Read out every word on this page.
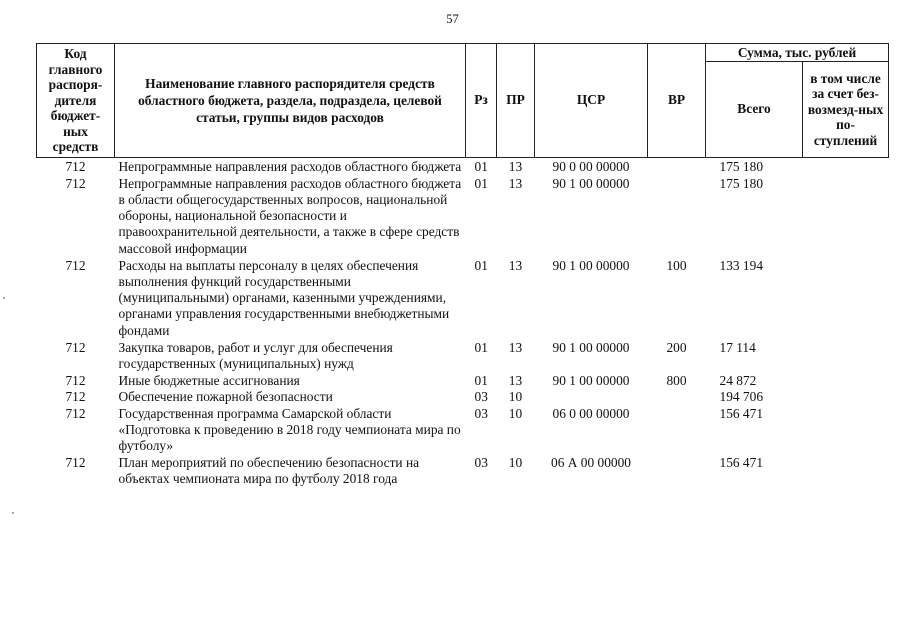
57
Код главного распоря-дителя бюджет-ных средств	Наименование главного распорядителя средств областного бюджета, раздела, подраздела, целевой статьи, группы видов расходов	Рз	ПР	ЦСР	ВР	Сумма, тыс. рублей	
						Всего	в том числе за счет без-возмезд-ных по-ступлений
712	Непрограммные направления расходов областного бюджета	01	13	90 0 00 00000		175 180	
712	Непрограммные направления расходов областного бюджета в области общегосударственных вопросов, национальной обороны, национальной безопасности и правоохранительной деятельности, а также в сфере средств массовой информации	01	13	90 1 00 00000		175 180	
712	Расходы на выплаты персоналу в целях обеспечения выполнения функций государственными (муниципальными) органами, казенными учреждениями, органами управления государственными внебюджетными фондами	01	13	90 1 00 00000	100	133 194	
712	Закупка товаров, работ и услуг для обеспечения государственных (муниципальных) нужд	01	13	90 1 00 00000	200	17 114	
712	Иные бюджетные ассигнования	01	13	90 1 00 00000	800	24 872	
712	Обеспечение пожарной безопасности	03	10			194 706	
712	Государственная программа Самарской области «Подготовка к проведению в 2018 году чемпионата мира по футболу»	03	10	06 0 00 00000		156 471	
712	План мероприятий по обеспечению безопасности на объектах чемпионата мира по футболу 2018 года	03	10	06 А 00 00000		156 471	
